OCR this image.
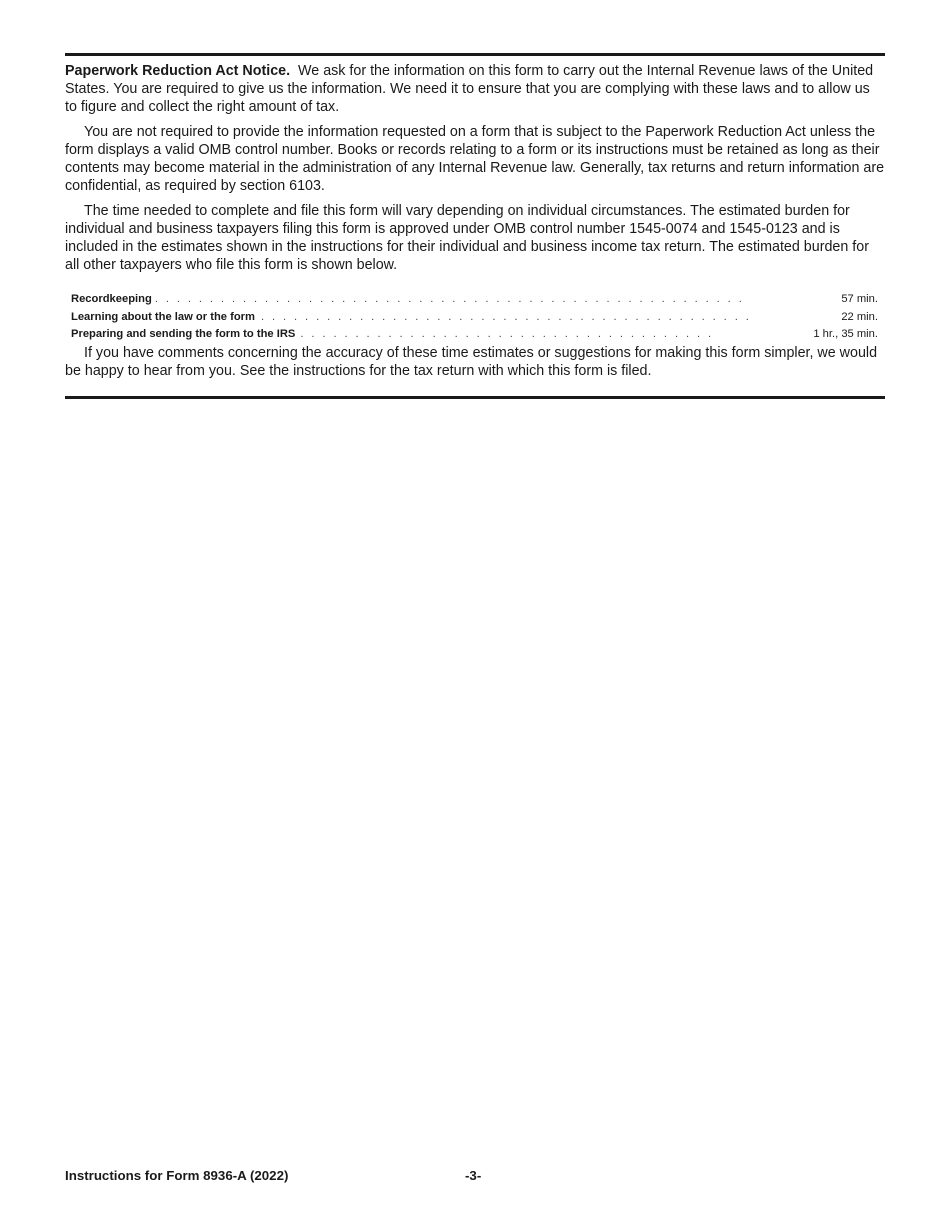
Paperwork Reduction Act Notice. We ask for the information on this form to carry out the Internal Revenue laws of the United States. You are required to give us the information. We need it to ensure that you are complying with these laws and to allow us to figure and collect the right amount of tax.

You are not required to provide the information requested on a form that is subject to the Paperwork Reduction Act unless the form displays a valid OMB control number. Books or records relating to a form or its instructions must be retained as long as their contents may become material in the administration of any Internal Revenue law. Generally, tax returns and return information are confidential, as required by section 6103.

The time needed to complete and file this form will vary depending on individual circumstances. The estimated burden for individual and business taxpayers filing this form is approved under OMB control number 1545-0074 and 1545-0123 and is included in the estimates shown in the instructions for their individual and business income tax return. The estimated burden for all other taxpayers who file this form is shown below.

Recordkeeping . . . . . . . . . . . . . . . . . . . . . . . . . . . . . . . . . . . . . . . . . . . . . . . . . . . . . .	57 min.
Learning about the law or the form . . . . . . . . . . . . . . . . . . . . . . . . . . . . . . . . . . . . . . . . . . . . .	22 min.
Preparing and sending the form to the IRS . . . . . . . . . . . . . . . . . . . . . . . . . . . . . . . . . . . . . .	1 hr., 35 min.

If you have comments concerning the accuracy of these time estimates or suggestions for making this form simpler, we would be happy to hear from you. See the instructions for the tax return with which this form is filed.

Instructions for Form 8936-A (2022)	-3-
